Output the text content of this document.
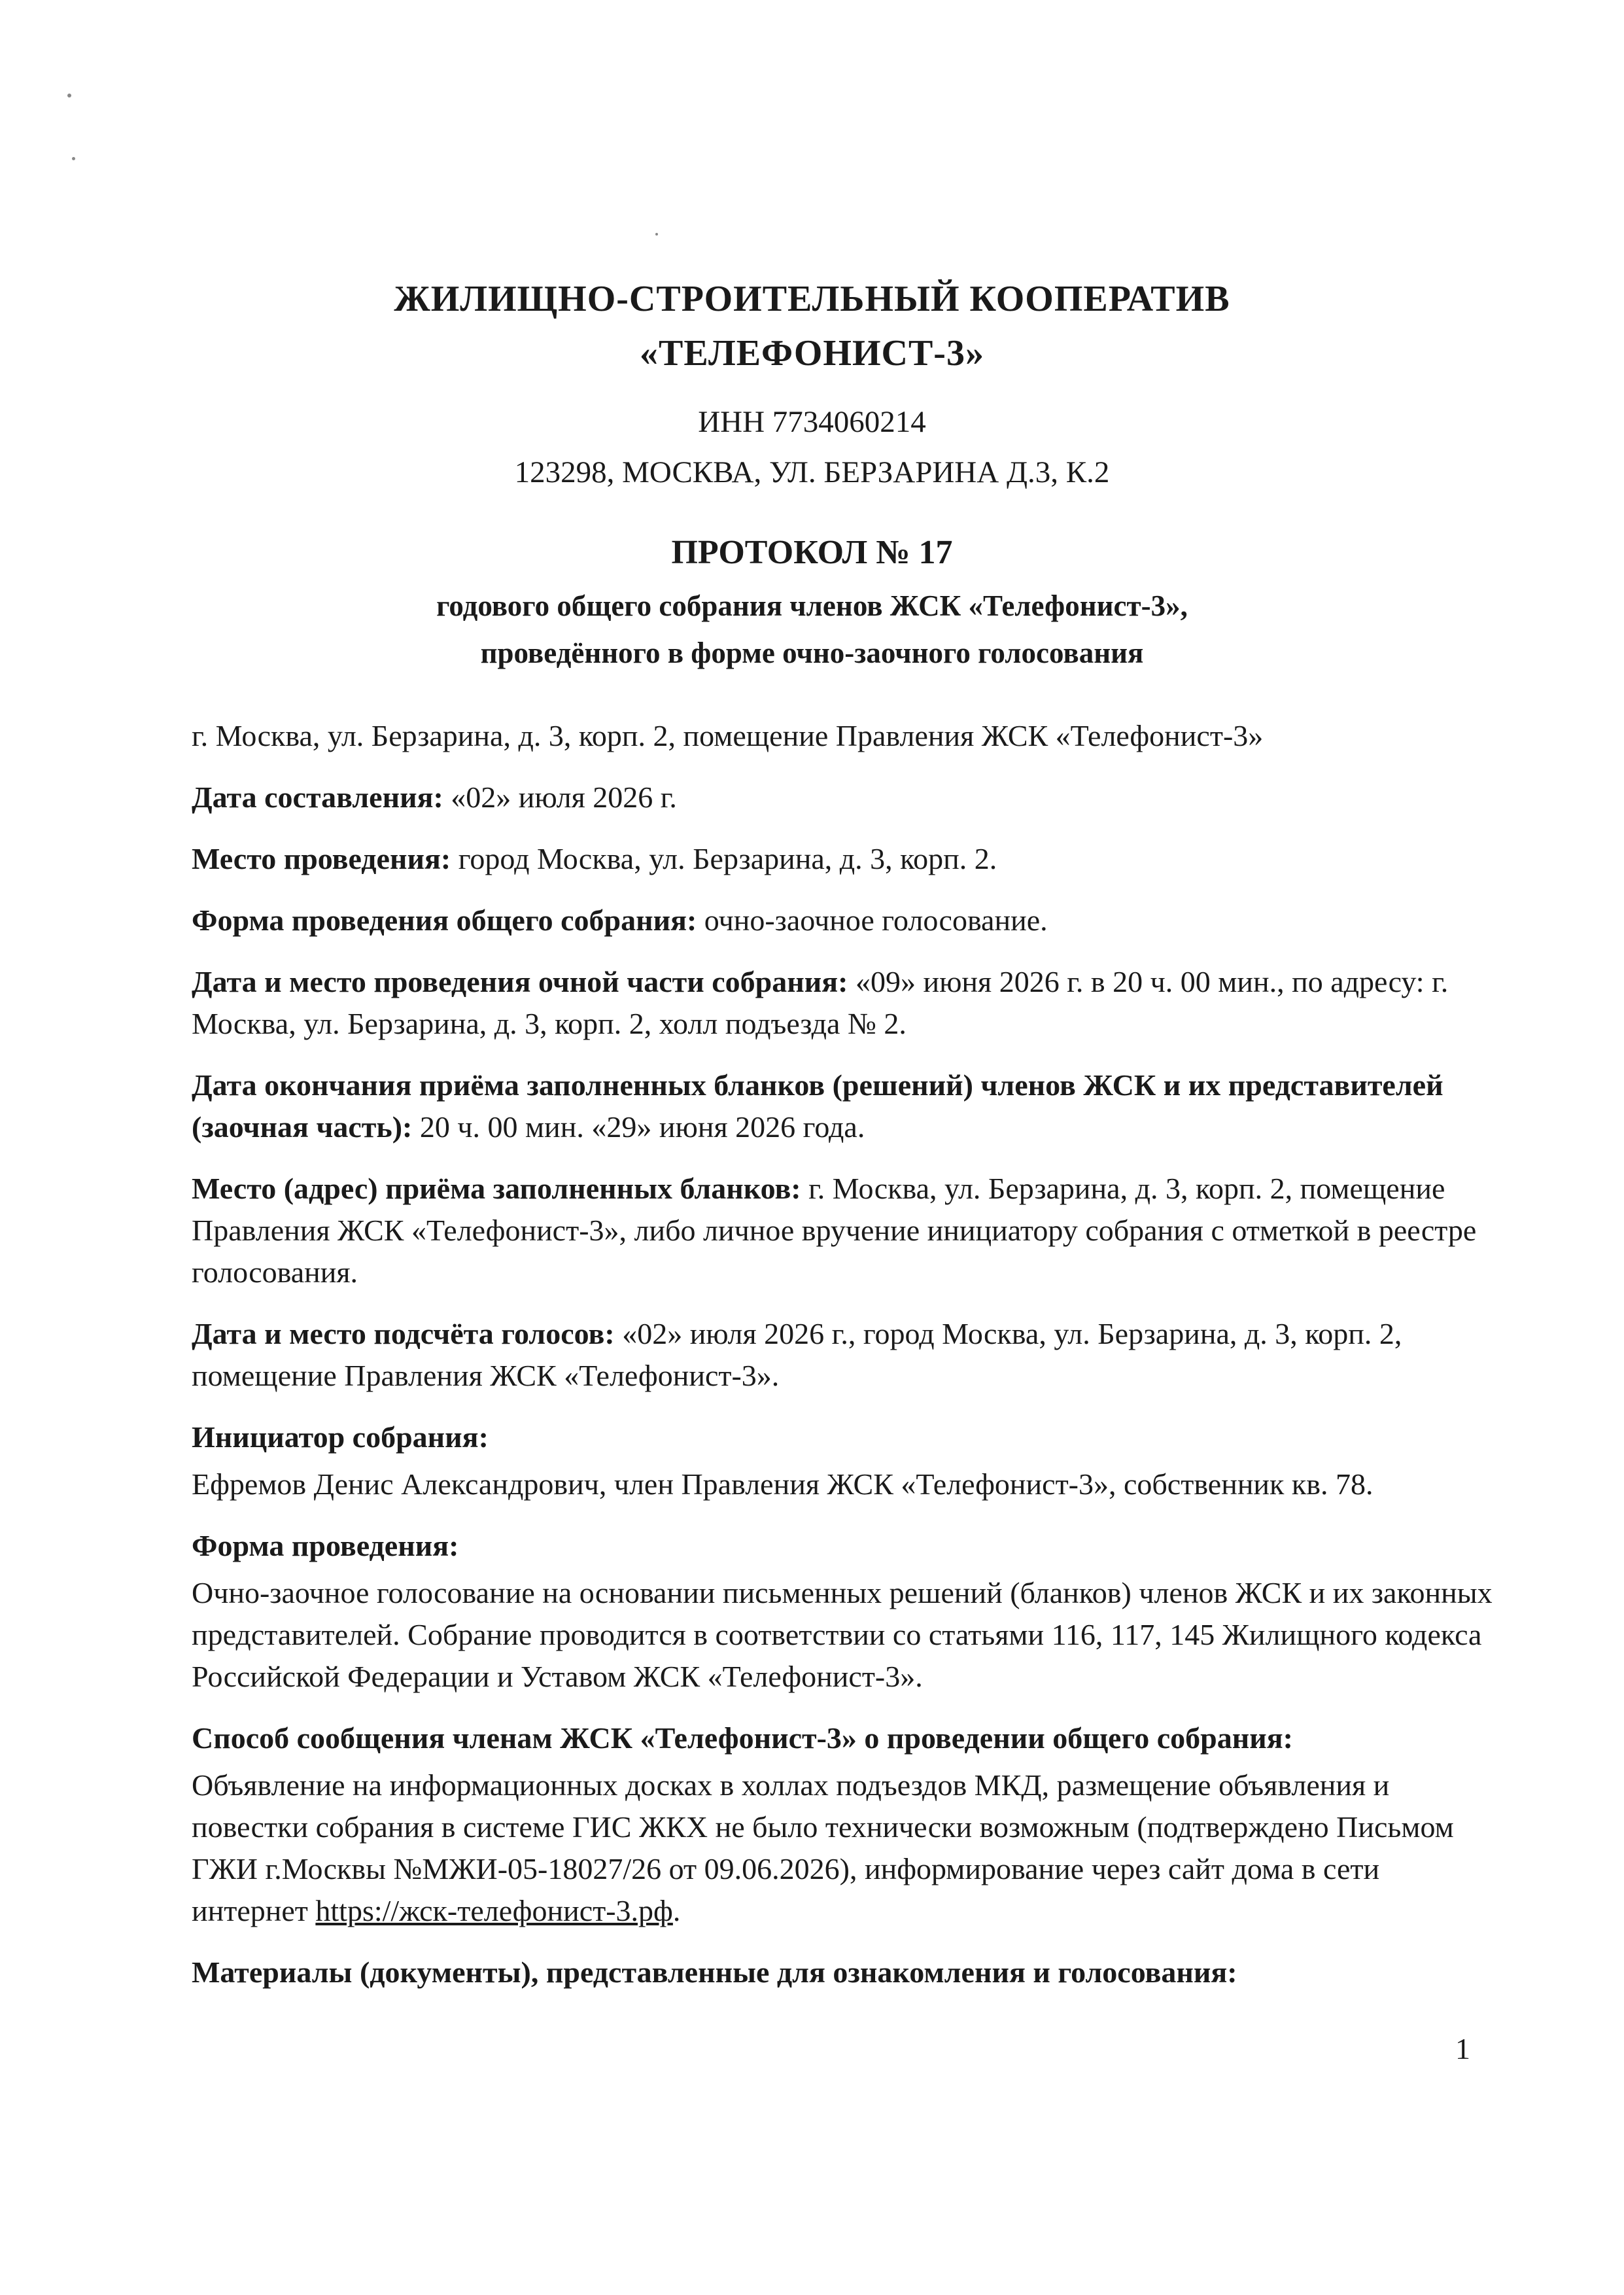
ЖИЛИЩНО-СТРОИТЕЛЬНЫЙ КООПЕРАТИВ
«ТЕЛЕФОНИСТ-3»
ИНН 7734060214
123298, МОСКВА, УЛ. БЕРЗАРИНА Д.3, К.2
ПРОТОКОЛ № 17
годового общего собрания членов ЖСК «Телефонист-3»,
проведённого в форме очно-заочного голосования

г. Москва, ул. Берзарина, д. 3, корп. 2, помещение Правления ЖСК «Телефонист-3»

Дата составления: «02» июля 2026 г.

Место проведения: город Москва, ул. Берзарина, д. 3, корп. 2.

Форма проведения общего собрания: очно-заочное голосование.

Дата и место проведения очной части собрания: «09» июня 2026 г. в 20 ч. 00 мин., по адресу: г. Москва, ул. Берзарина, д. 3, корп. 2, холл подъезда № 2.

Дата окончания приёма заполненных бланков (решений) членов ЖСК и их представителей (заочная часть): 20 ч. 00 мин. «29» июня 2026 года.

Место (адрес) приёма заполненных бланков: г. Москва, ул. Берзарина, д. 3, корп. 2, помещение Правления ЖСК «Телефонист-3», либо личное вручение инициатору собрания с отметкой в реестре голосования.

Дата и место подсчёта голосов: «02» июля 2026 г., город Москва, ул. Берзарина, д. 3, корп. 2, помещение Правления ЖСК «Телефонист-3».

Инициатор собрания:

Ефремов Денис Александрович, член Правления ЖСК «Телефонист-3», собственник кв. 78.

Форма проведения:

Очно-заочное голосование на основании письменных решений (бланков) членов ЖСК и их законных представителей. Собрание проводится в соответствии со статьями 116, 117, 145 Жилищного кодекса Российской Федерации и Уставом ЖСК «Телефонист-3».

Способ сообщения членам ЖСК «Телефонист-3» о проведении общего собрания:

Объявление на информационных досках в холлах подъездов МКД, размещение объявления и повестки собрания в системе ГИС ЖКХ не было технически возможным (подтверждено Письмом ГЖИ г.Москвы №МЖИ-05-18027/26 от 09.06.2026), информирование через сайт дома в сети интернет https://жск-телефонист-3.рф.

Материалы (документы), представленные для ознакомления и голосования:

1
